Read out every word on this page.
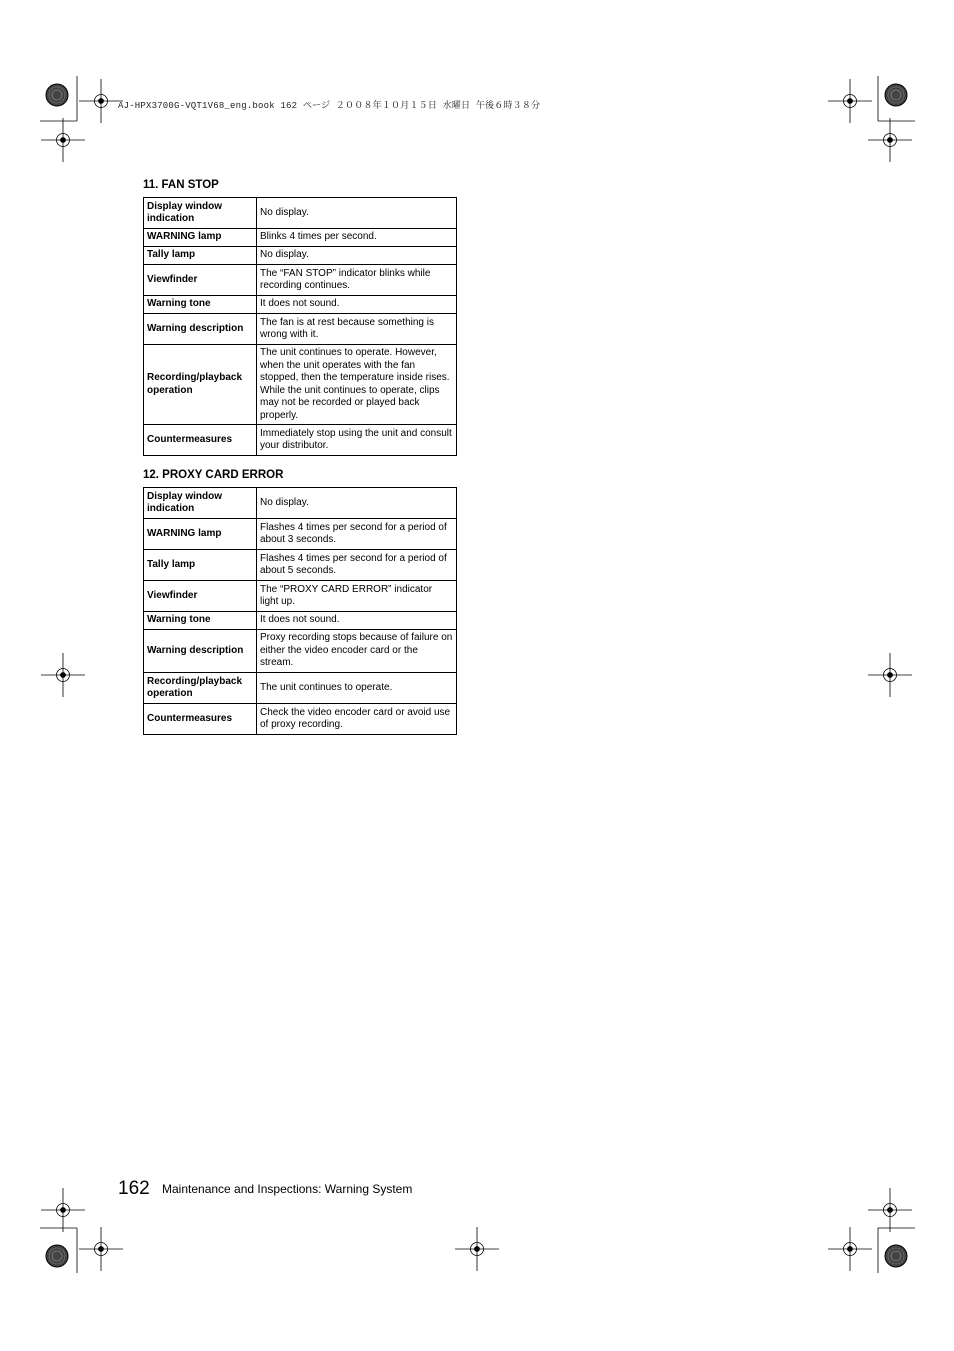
AJ-HPX3700G-VQT1V68_eng.book 162 ページ ２００８年１０月１５日 水曜日 午後６時３８分
11. FAN STOP
Display window indication	No display.
WARNING lamp	Blinks 4 times per second.
Tally lamp	No display.
Viewfinder	The “FAN STOP” indicator blinks while recording continues.
Warning tone	It does not sound.
Warning description	The fan is at rest because something is wrong with it.
Recording/playback operation	The unit continues to operate. However, when the unit operates with the fan stopped, then the temperature inside rises. While the unit continues to operate, clips may not be recorded or played back properly.
Countermeasures	Immediately stop using the unit and consult your distributor.
12. PROXY CARD ERROR
Display window indication	No display.
WARNING lamp	Flashes 4 times per second for a period of about 3 seconds.
Tally lamp	Flashes 4 times per second for a period of about 5 seconds.
Viewfinder	The “PROXY CARD ERROR” indicator light up.
Warning tone	It does not sound.
Warning description	Proxy recording stops because of failure on either the video encoder card or the stream.
Recording/playback operation	The unit continues to operate.
Countermeasures	Check the video encoder card or avoid use of proxy recording.
162 Maintenance and Inspections: Warning System
